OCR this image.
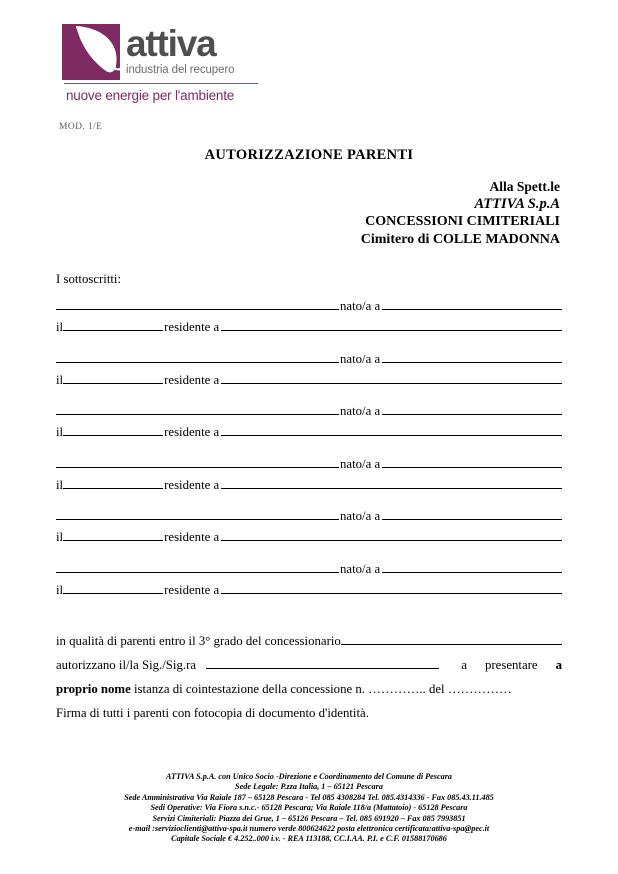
attiva
industria del recupero
nuove energie per l'ambiente
MOD. 1/E
AUTORIZZAZIONE PARENTI
Alla Spett.le
ATTIVA S.p.A
CONCESSIONI CIMITERIALI
Cimitero di COLLE MADONNA
I sottoscritti:
nato/a a
il	residente a
nato/a a
il	residente a
nato/a a
il	residente a
nato/a a
il	residente a
nato/a a
il	residente a
nato/a a
il	residente a
in qualità di parenti entro il 3° grado del concessionario
autorizzano il/la Sig./Sig.ra	a presentare a
proprio nome istanza di cointestazione della concessione n. ………….. del ……………
Firma di tutti i parenti con fotocopia di documento d'identità.
ATTIVA S.p.A. con Unico Socio -Direzione e Coordinamento del Comune di Pescara
Sede Legale: P.zza Italia, 1 – 65121 Pescara
Sede Amministrativa Via Raiale 187 – 65128 Pescara - Tel 085 4308284 Tel. 085.4314336 - Fax 085.43.11.485
Sedi Operative: Via Fiora s.n.c.- 65128 Pescara; Via Raiale 118/a (Mattatoio) - 65128 Pescara
Servizi Cimiteriali: Piazza dei Grue, 1 – 65126 Pescara – Tel. 085 691920 – Fax 085 7993851
e-mail :servizioclienti@attiva-spa.it numero verde 800624622 posta elettronica certificata:attiva-spa@pec.it
Capitale Sociale € 4.252..000 i.v. - REA 113188, CC.I.AA. P.I. e C.F. 01588170686
